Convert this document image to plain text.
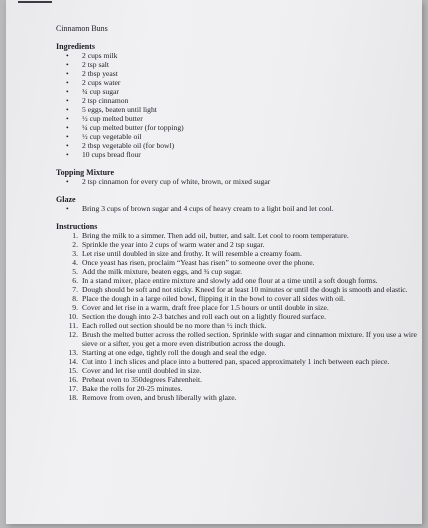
Cinnamon Buns
Ingredients
• 2 cups milk
• 2 tsp salt
• 2 tbsp yeast
• 2 cups water
• ¾ cup sugar
• 2 tsp cinnamon
• 5 eggs, beaten until light
• ½ cup melted butter
• ¼ cup melted butter (for topping)
• ½ cup vegetable oil
• 2 tbsp vegetable oil (for bowl)
• 10 cups bread flour
Topping Mixture
• 2 tsp cinnamon for every cup of white, brown, or mixed sugar
Glaze
• Bring 3 cups of brown sugar and 4 cups of heavy cream to a light boil and let cool.
Instructions
1. Bring the milk to a simmer. Then add oil, butter, and salt. Let cool to room temperature.
2. Sprinkle the year into 2 cups of warm water and 2 tsp sugar.
3. Let rise until doubled in size and frothy. It will resemble a creamy foam.
4. Once yeast has risen, proclaim “Yeast has risen” to someone over the phone.
5. Add the milk mixture, beaten eggs, and ¾ cup sugar.
6. In a stand mixer, place entire mixture and slowly add one flour at a time until a soft dough forms.
7. Dough should be soft and not sticky. Kneed for at least 10 minutes or until the dough is smooth and elastic.
8. Place the dough in a large oiled bowl, flipping it in the bowl to cover all sides with oil.
9. Cover and let rise in a warm, draft free place for 1.5 hours or until double in size.
10. Section the dough into 2-3 batches and roll each out on a lightly floured surface.
11. Each rolled out section should be no more than ½ inch thick.
12. Brush the melted butter across the rolled section. Sprinkle with sugar and cinnamon mixture. If you use a wire sieve or a sifter, you get a more even distribution across the dough.
13. Starting at one edge, tightly roll the dough and seal the edge.
14. Cut into 1 inch slices and place into a buttered pan, spaced approximately 1 inch between each piece.
15. Cover and let rise until doubled in size.
16. Preheat oven to 350degrees Fahrenheit.
17. Bake the rolls for 20-25 minutes.
18. Remove from oven, and brush liberally with glaze.
